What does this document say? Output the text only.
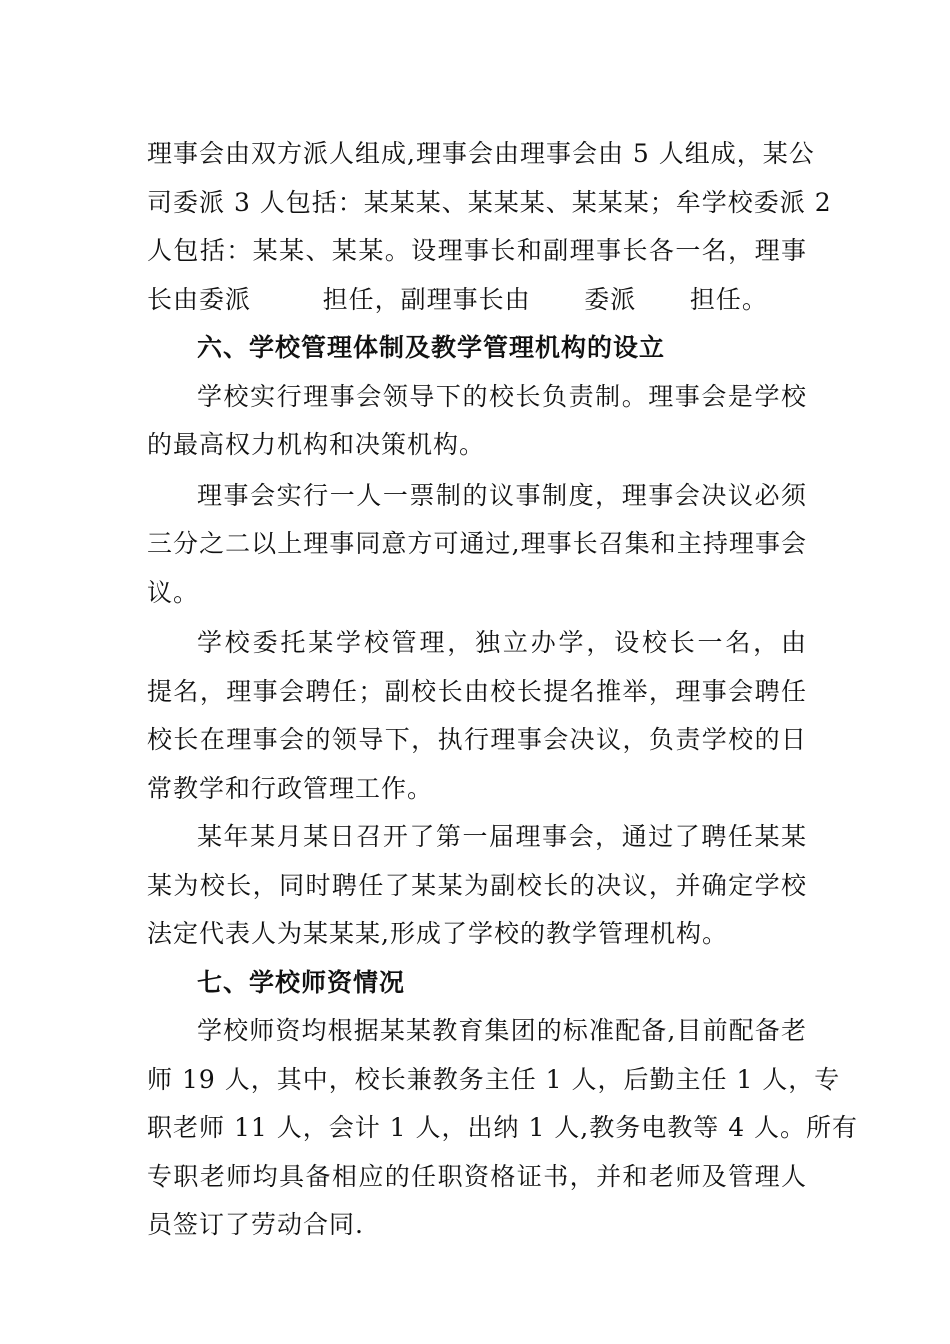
理事会由双方派人组成,理事会由理事会由 5 人组成，某公
司委派 3 人包括：某某某、某某某、某某某；牟学校委派 2
人包括：某某、某某。设理事长和副理事长各一名，理事
长由委派        担任，副理事长由      委派      担任。
六、学校管理体制及教学管理机构的设立
学校实行理事会领导下的校长负责制。理事会是学校
的最高权力机构和决策机构。
理事会实行一人一票制的议事制度，理事会决议必须
三分之二以上理事同意方可通过,理事长召集和主持理事会
议。
学校委托某学校管理，独立办学，设校长一名，由
提名，理事会聘任；副校长由校长提名推举，理事会聘任
校长在理事会的领导下，执行理事会决议，负责学校的日
常教学和行政管理工作。
某年某月某日召开了第一届理事会，通过了聘任某某
某为校长，同时聘任了某某为副校长的决议，并确定学校
法定代表人为某某某,形成了学校的教学管理机构。
七、学校师资情况
学校师资均根据某某教育集团的标准配备,目前配备老
师 19 人，其中，校长兼教务主任 1 人，后勤主任 1 人，专
职老师 11 人，会计 1 人，出纳 1 人,教务电教等 4 人。所有
专职老师均具备相应的任职资格证书，并和老师及管理人
员签订了劳动合同.
